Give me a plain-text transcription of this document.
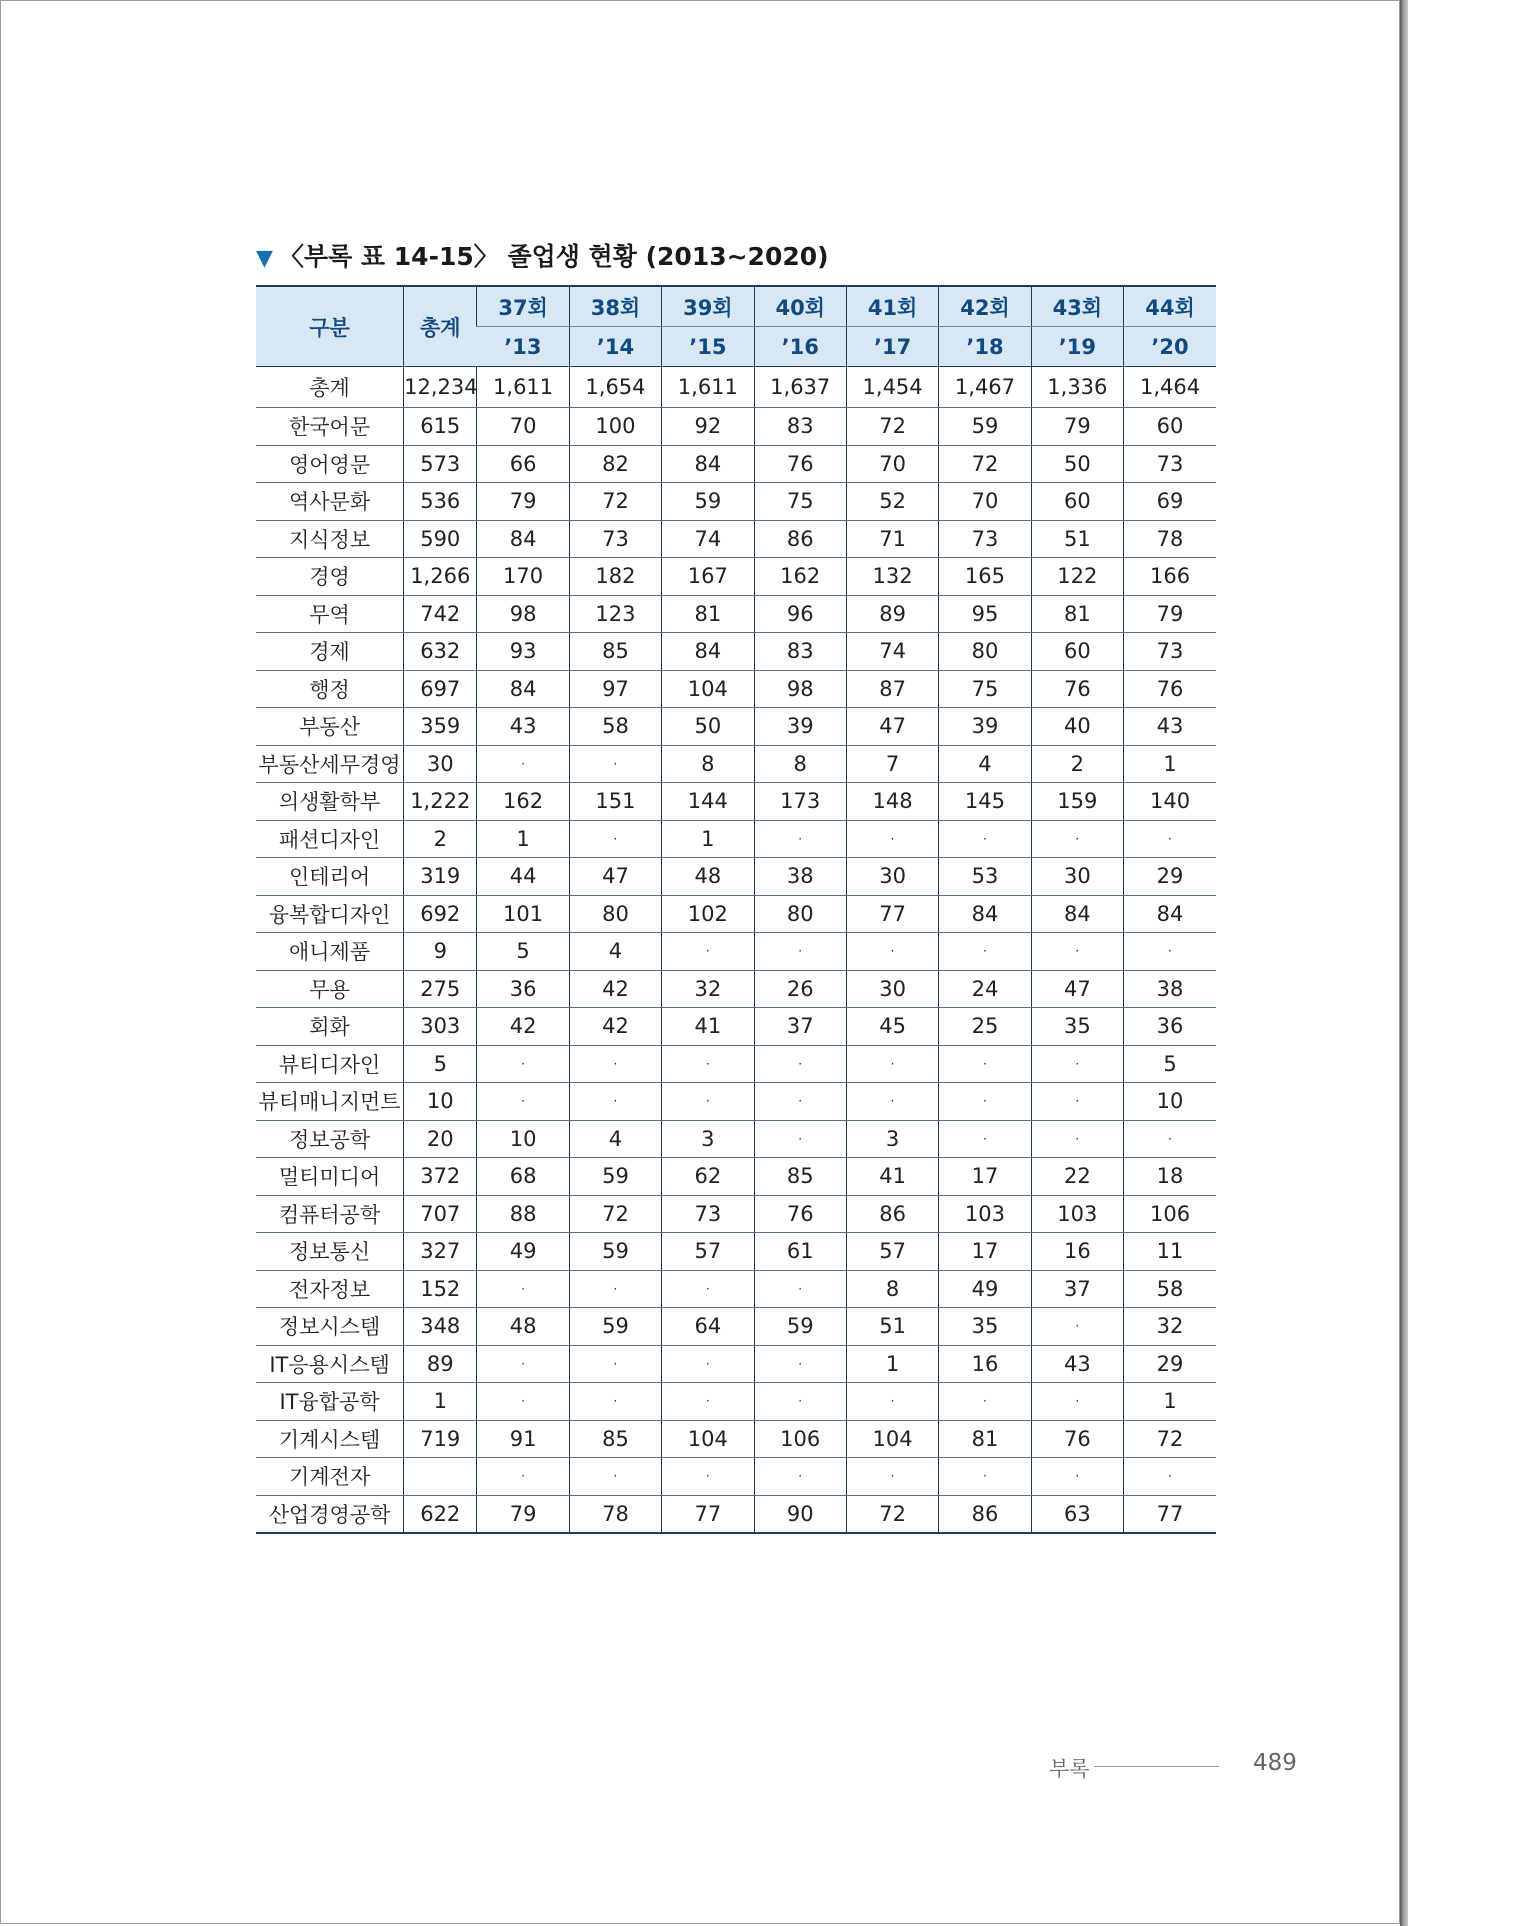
▼ 〈부록 표 14-15〉 졸업생 현황 (2013~2020)
구분	총계	37회	38회	39회	40회	41회	42회	43회	44회
		’13	’14	’15	’16	’17	’18	’19	’20
총계	12,234	1,611	1,654	1,611	1,637	1,454	1,467	1,336	1,464
한국어문	615	70	100	92	83	72	59	79	60
영어영문	573	66	82	84	76	70	72	50	73
역사문화	536	79	72	59	75	52	70	60	69
지식정보	590	84	73	74	86	71	73	51	78
경영	1,266	170	182	167	162	132	165	122	166
무역	742	98	123	81	96	89	95	81	79
경제	632	93	85	84	83	74	80	60	73
행정	697	84	97	104	98	87	75	76	76
부동산	359	43	58	50	39	47	39	40	43
부동산세무경영	30	·	·	8	8	7	4	2	1
의생활학부	1,222	162	151	144	173	148	145	159	140
패션디자인	2	1	·	1	·	·	·	·	·
인테리어	319	44	47	48	38	30	53	30	29
융복합디자인	692	101	80	102	80	77	84	84	84
애니제품	9	5	4	·	·	·	·	·	·
무용	275	36	42	32	26	30	24	47	38
회화	303	42	42	41	37	45	25	35	36
뷰티디자인	5	·	·	·	·	·	·	·	5
뷰티매니지먼트	10	·	·	·	·	·	·	·	10
정보공학	20	10	4	3	·	3	·	·	·
멀티미디어	372	68	59	62	85	41	17	22	18
컴퓨터공학	707	88	72	73	76	86	103	103	106
정보통신	327	49	59	57	61	57	17	16	11
전자정보	152	·	·	·	·	8	49	37	58
정보시스템	348	48	59	64	59	51	35	·	32
IT응용시스템	89	·	·	·	·	1	16	43	29
IT융합공학	1	·	·	·	·	·	·	·	1
기계시스템	719	91	85	104	106	104	81	76	72
기계전자		·	·	·	·	·	·	·	·
산업경영공학	622	79	78	77	90	72	86	63	77
부록	489
